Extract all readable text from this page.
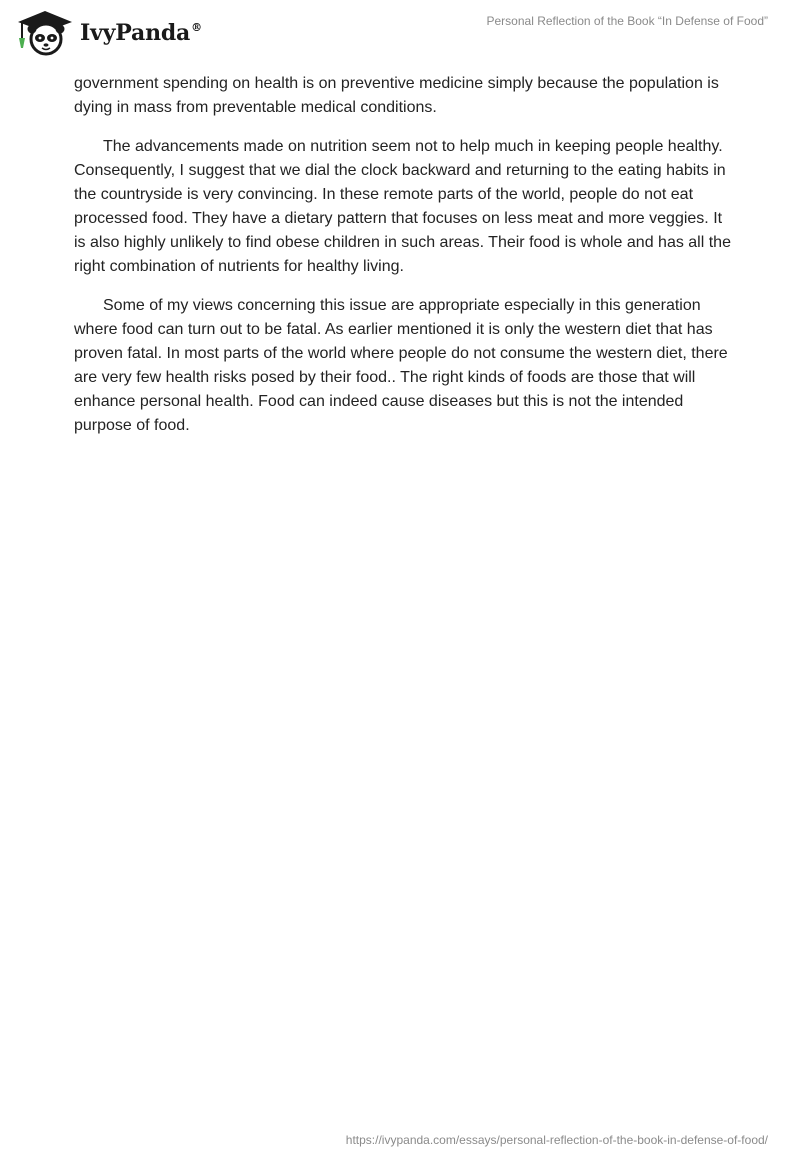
IvyPanda®	Personal Reflection of the Book “In Defense of Food”

government spending on health is on preventive medicine simply because the population is dying in mass from preventable medical conditions.

The advancements made on nutrition seem not to help much in keeping people healthy. Consequently, I suggest that we dial the clock backward and returning to the eating habits in the countryside is very convincing. In these remote parts of the world, people do not eat processed food. They have a dietary pattern that focuses on less meat and more veggies. It is also highly unlikely to find obese children in such areas. Their food is whole and has all the right combination of nutrients for healthy living.

Some of my views concerning this issue are appropriate especially in this generation where food can turn out to be fatal. As earlier mentioned it is only the western diet that has proven fatal. In most parts of the world where people do not consume the western diet, there are very few health risks posed by their food.. The right kinds of foods are those that will enhance personal health. Food can indeed cause diseases but this is not the intended purpose of food.

https://ivypanda.com/essays/personal-reflection-of-the-book-in-defense-of-food/
